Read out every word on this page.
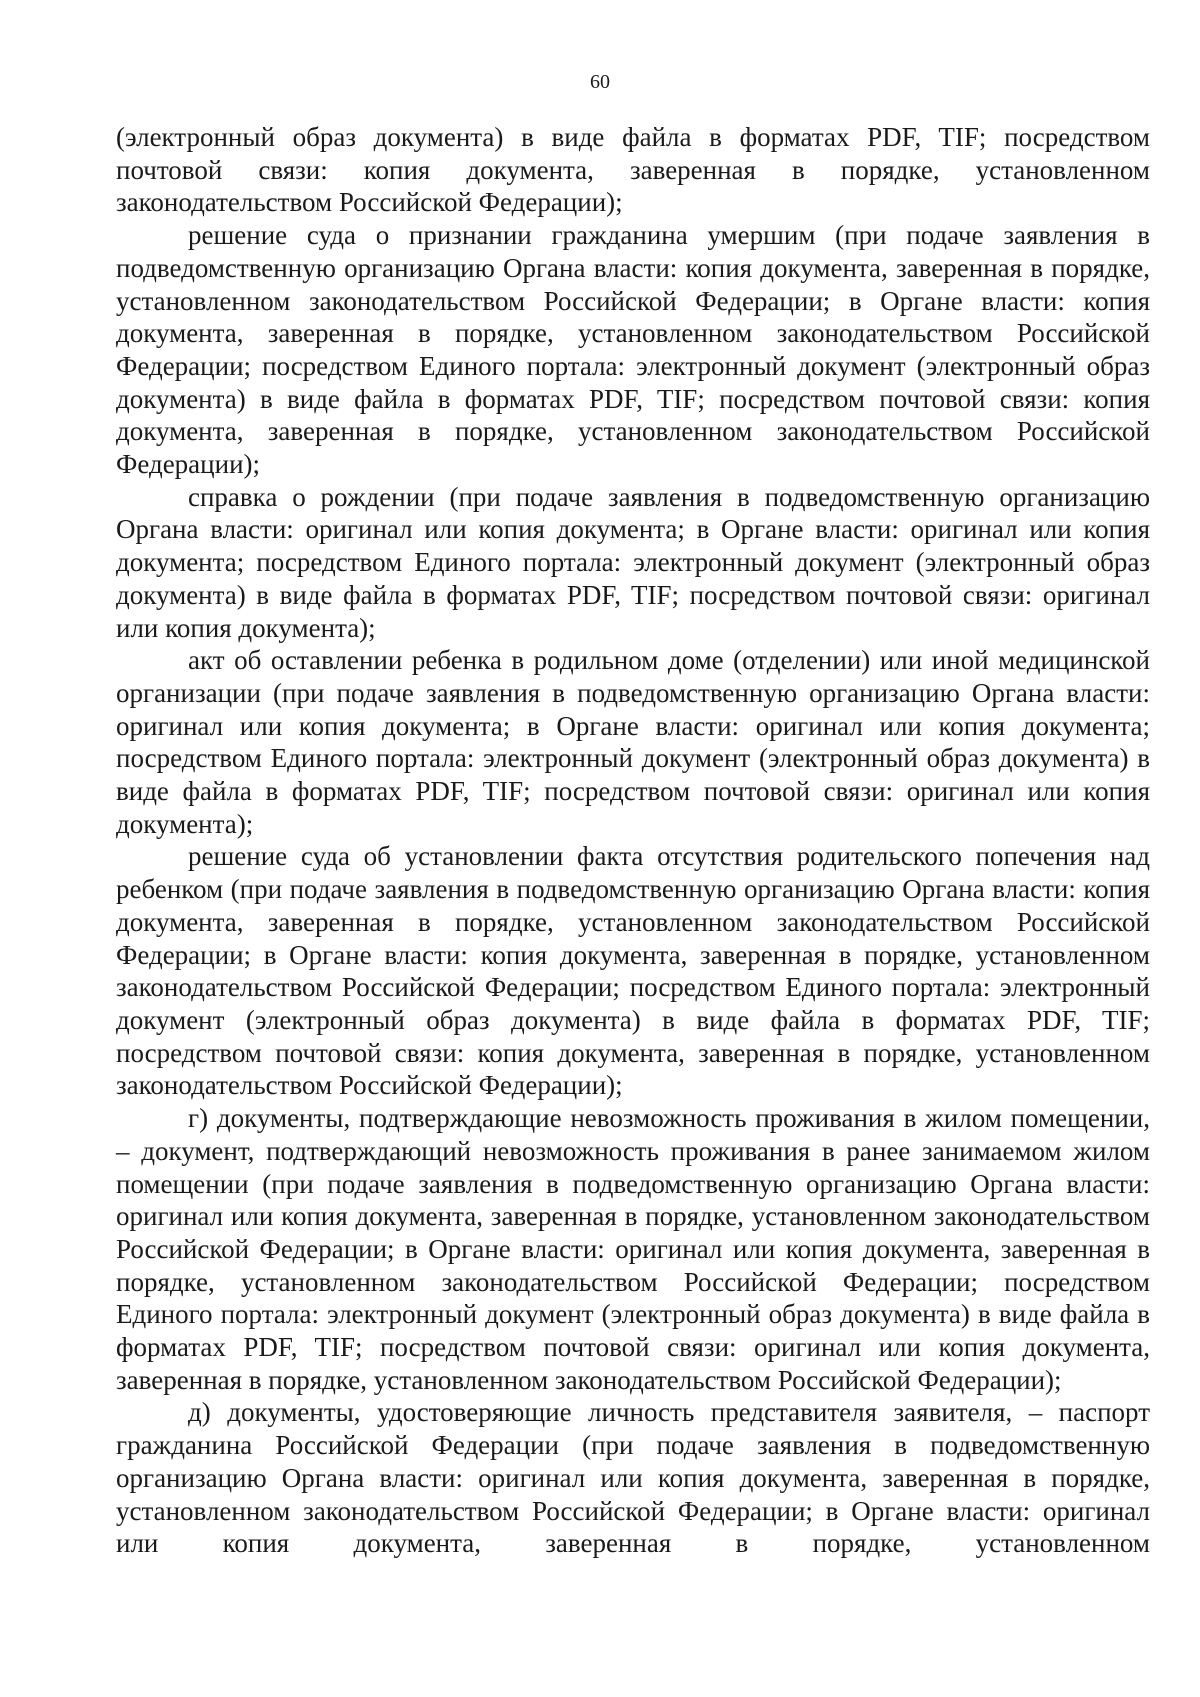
60

(электронный образ документа) в виде файла в форматах PDF, TIF; посредством почтовой связи: копия документа, заверенная в порядке, установленном законодательством Российской Федерации);

решение суда о признании гражданина умершим (при подаче заявления в подведомственную организацию Органа власти: копия документа, заверенная в порядке, установленном законодательством Российской Федерации; в Органе власти: копия документа, заверенная в порядке, установленном законодательством Российской Федерации; посредством Единого портала: электронный документ (электронный образ документа) в виде файла в форматах PDF, TIF; посредством почтовой связи: копия документа, заверенная в порядке, установленном законодательством Российской Федерации);

справка о рождении (при подаче заявления в подведомственную организацию Органа власти: оригинал или копия документа; в Органе власти: оригинал или копия документа; посредством Единого портала: электронный документ (электронный образ документа) в виде файла в форматах PDF, TIF; посредством почтовой связи: оригинал или копия документа);

акт об оставлении ребенка в родильном доме (отделении) или иной медицинской организации (при подаче заявления в подведомственную организацию Органа власти: оригинал или копия документа; в Органе власти: оригинал или копия документа; посредством Единого портала: электронный документ (электронный образ документа) в виде файла в форматах PDF, TIF; посредством почтовой связи: оригинал или копия документа);

решение суда об установлении факта отсутствия родительского попечения над ребенком (при подаче заявления в подведомственную организацию Органа власти: копия документа, заверенная в порядке, установленном законодательством Российской Федерации; в Органе власти: копия документа, заверенная в порядке, установленном законодательством Российской Федерации; посредством Единого портала: электронный документ (электронный образ документа) в виде файла в форматах PDF, TIF; посредством почтовой связи: копия документа, заверенная в порядке, установленном законодательством Российской Федерации);

г) документы, подтверждающие невозможность проживания в жилом помещении, – документ, подтверждающий невозможность проживания в ранее занимаемом жилом помещении (при подаче заявления в подведомственную организацию Органа власти: оригинал или копия документа, заверенная в порядке, установленном законодательством Российской Федерации; в Органе власти: оригинал или копия документа, заверенная в порядке, установленном законодательством Российской Федерации; посредством Единого портала: электронный документ (электронный образ документа) в виде файла в форматах PDF, TIF; посредством почтовой связи: оригинал или копия документа, заверенная в порядке, установленном законодательством Российской Федерации);

д) документы, удостоверяющие личность представителя заявителя, – паспорт гражданина Российской Федерации (при подаче заявления в подведомственную организацию Органа власти: оригинал или копия документа, заверенная в порядке, установленном законодательством Российской Федерации; в Органе власти: оригинал или копия документа, заверенная в порядке, установленном
